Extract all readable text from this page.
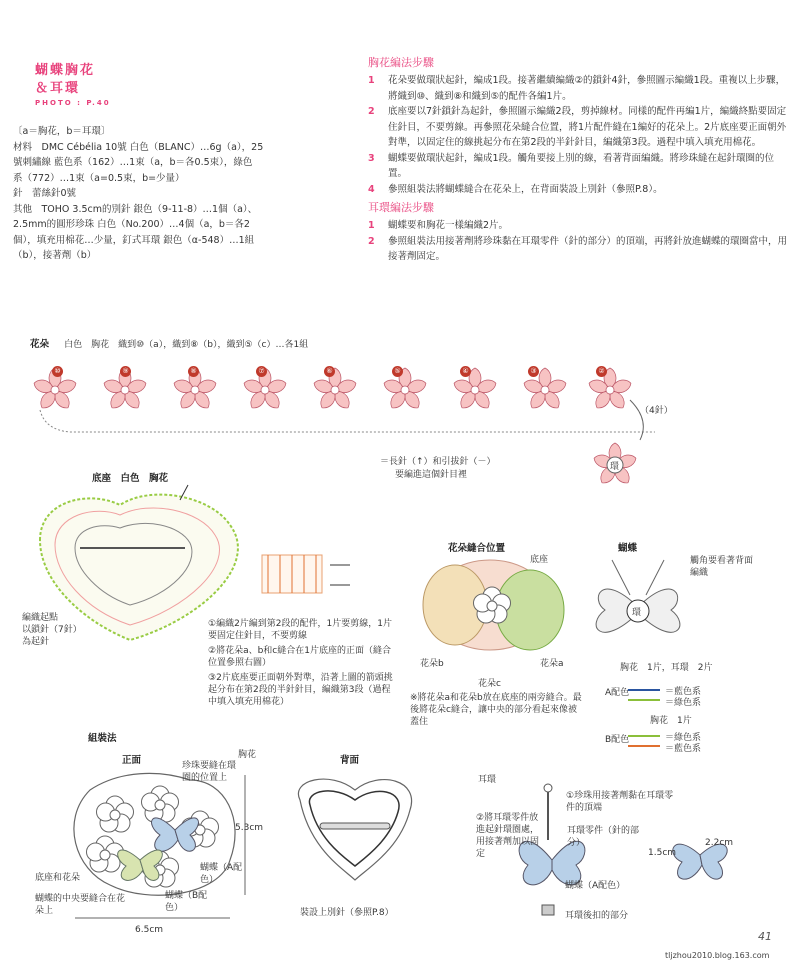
蝴蝶胸花
＆耳環
PHOTO : P.40

〔a＝胸花，b＝耳環〕

材料　DMC Cébélia 10號 白色（BLANC）…6g（a），25

號刺繡線 藍色系（162）…1束（a，b＝各0.5束），綠色

系（772）…1束（a=0.5束，b=少量）

針　蕾絲針0號

其他　TOHO 3.5cm的別針 銀色（9-11-8）…1個（a）、

2.5mm的圓形珍珠 白色（No.200）…4個（a，b＝各2

個），填充用棉花…少量，釘式耳環 銀色（α-548）…1組

（b），接著劑（b）

胸花編法步驟

1 花朵要做環狀起針，編成1段。接著繼續編織②的鎖針4針，參照圖示編織1段。重複以上步驟，將織到⑩、織到⑧和織到⑤的配件各編1片。

2 底座要以7針鎖針為起針，參照圖示編織2段，剪掉線材。同樣的配件再編1片，編織終點要固定住針目，不要剪線。再參照花朵縫合位置，將1片配件縫在1編好的花朵上。2片底座要正面朝外對準，以固定住的線挑起分布在第2段的半針針目，編織第3段。過程中填入填充用棉花。

3 蝴蝶要做環狀起針，編成1段。觸角要接上別的線，看著背面編織。將珍珠縫在起針環圈的位置。

4 參照組裝法將蝴蝶縫合在花朵上，在背面裝設上別針（參照P.8）。

耳環編法步驟

1 蝴蝶要和胸花一樣編織2片。

2 參照組裝法用接著劑將珍珠黏在耳環零件（針的部分）的頂端，再將針放進蝴蝶的環圈當中，用接著劑固定。

花朵 白色　胸花　織到⑩（a），織到⑧（b），織到⑤（c）…各1組
⑩	⑨	⑧	⑦	⑥	⑤	④	③	②
（4針）
環
＝長針（↑）和引拔針（－）
要編進這個針目裡
底座　白色　胸花
編織起點
以鎖針（7針）
為起針
①編織2片編到第2段的配件，1片要剪線，1片要固定住針目，不要剪線
②將花朵a、b和c縫合在1片底座的正面（縫合位置參照右圖）
③2片底座要正面朝外對準，沿著上圖的箭頭挑起分布在第2段的半針針目，編織第3段（過程中填入填充用棉花）
花朵縫合位置
底座
花朵b	花朵a
花朵c
※將花朵a和花朵b放在底座的兩旁縫合。最後將花朵c縫合，讓中央的部分看起來像被蓋住
蝴蝶
觸角要看著背面編織
環
胸花　1片，耳環　2片
A配色	＝藍色系
＝綠色系
胸花　1片
B配色	＝綠色系
＝藍色系
組裝法
正面	背面
胸花
珍珠要縫在環圈的位置上
底座和花朵
蝴蝶的中央要縫合在花朵上
蝴蝶（A配色）
蝴蝶（B配色）
5.3cm
6.5cm
裝設上別針（參照P.8）
耳環
①珍珠用接著劑黏在耳環零件的頂端
②將耳環零件放進起針環圈處，用接著劑加以固定
耳環零件（針的部分）
蝴蝶（A配色）
耳環後扣的部分
1.5cm
2.2cm
41
tljzhou2010.blog.163.com
